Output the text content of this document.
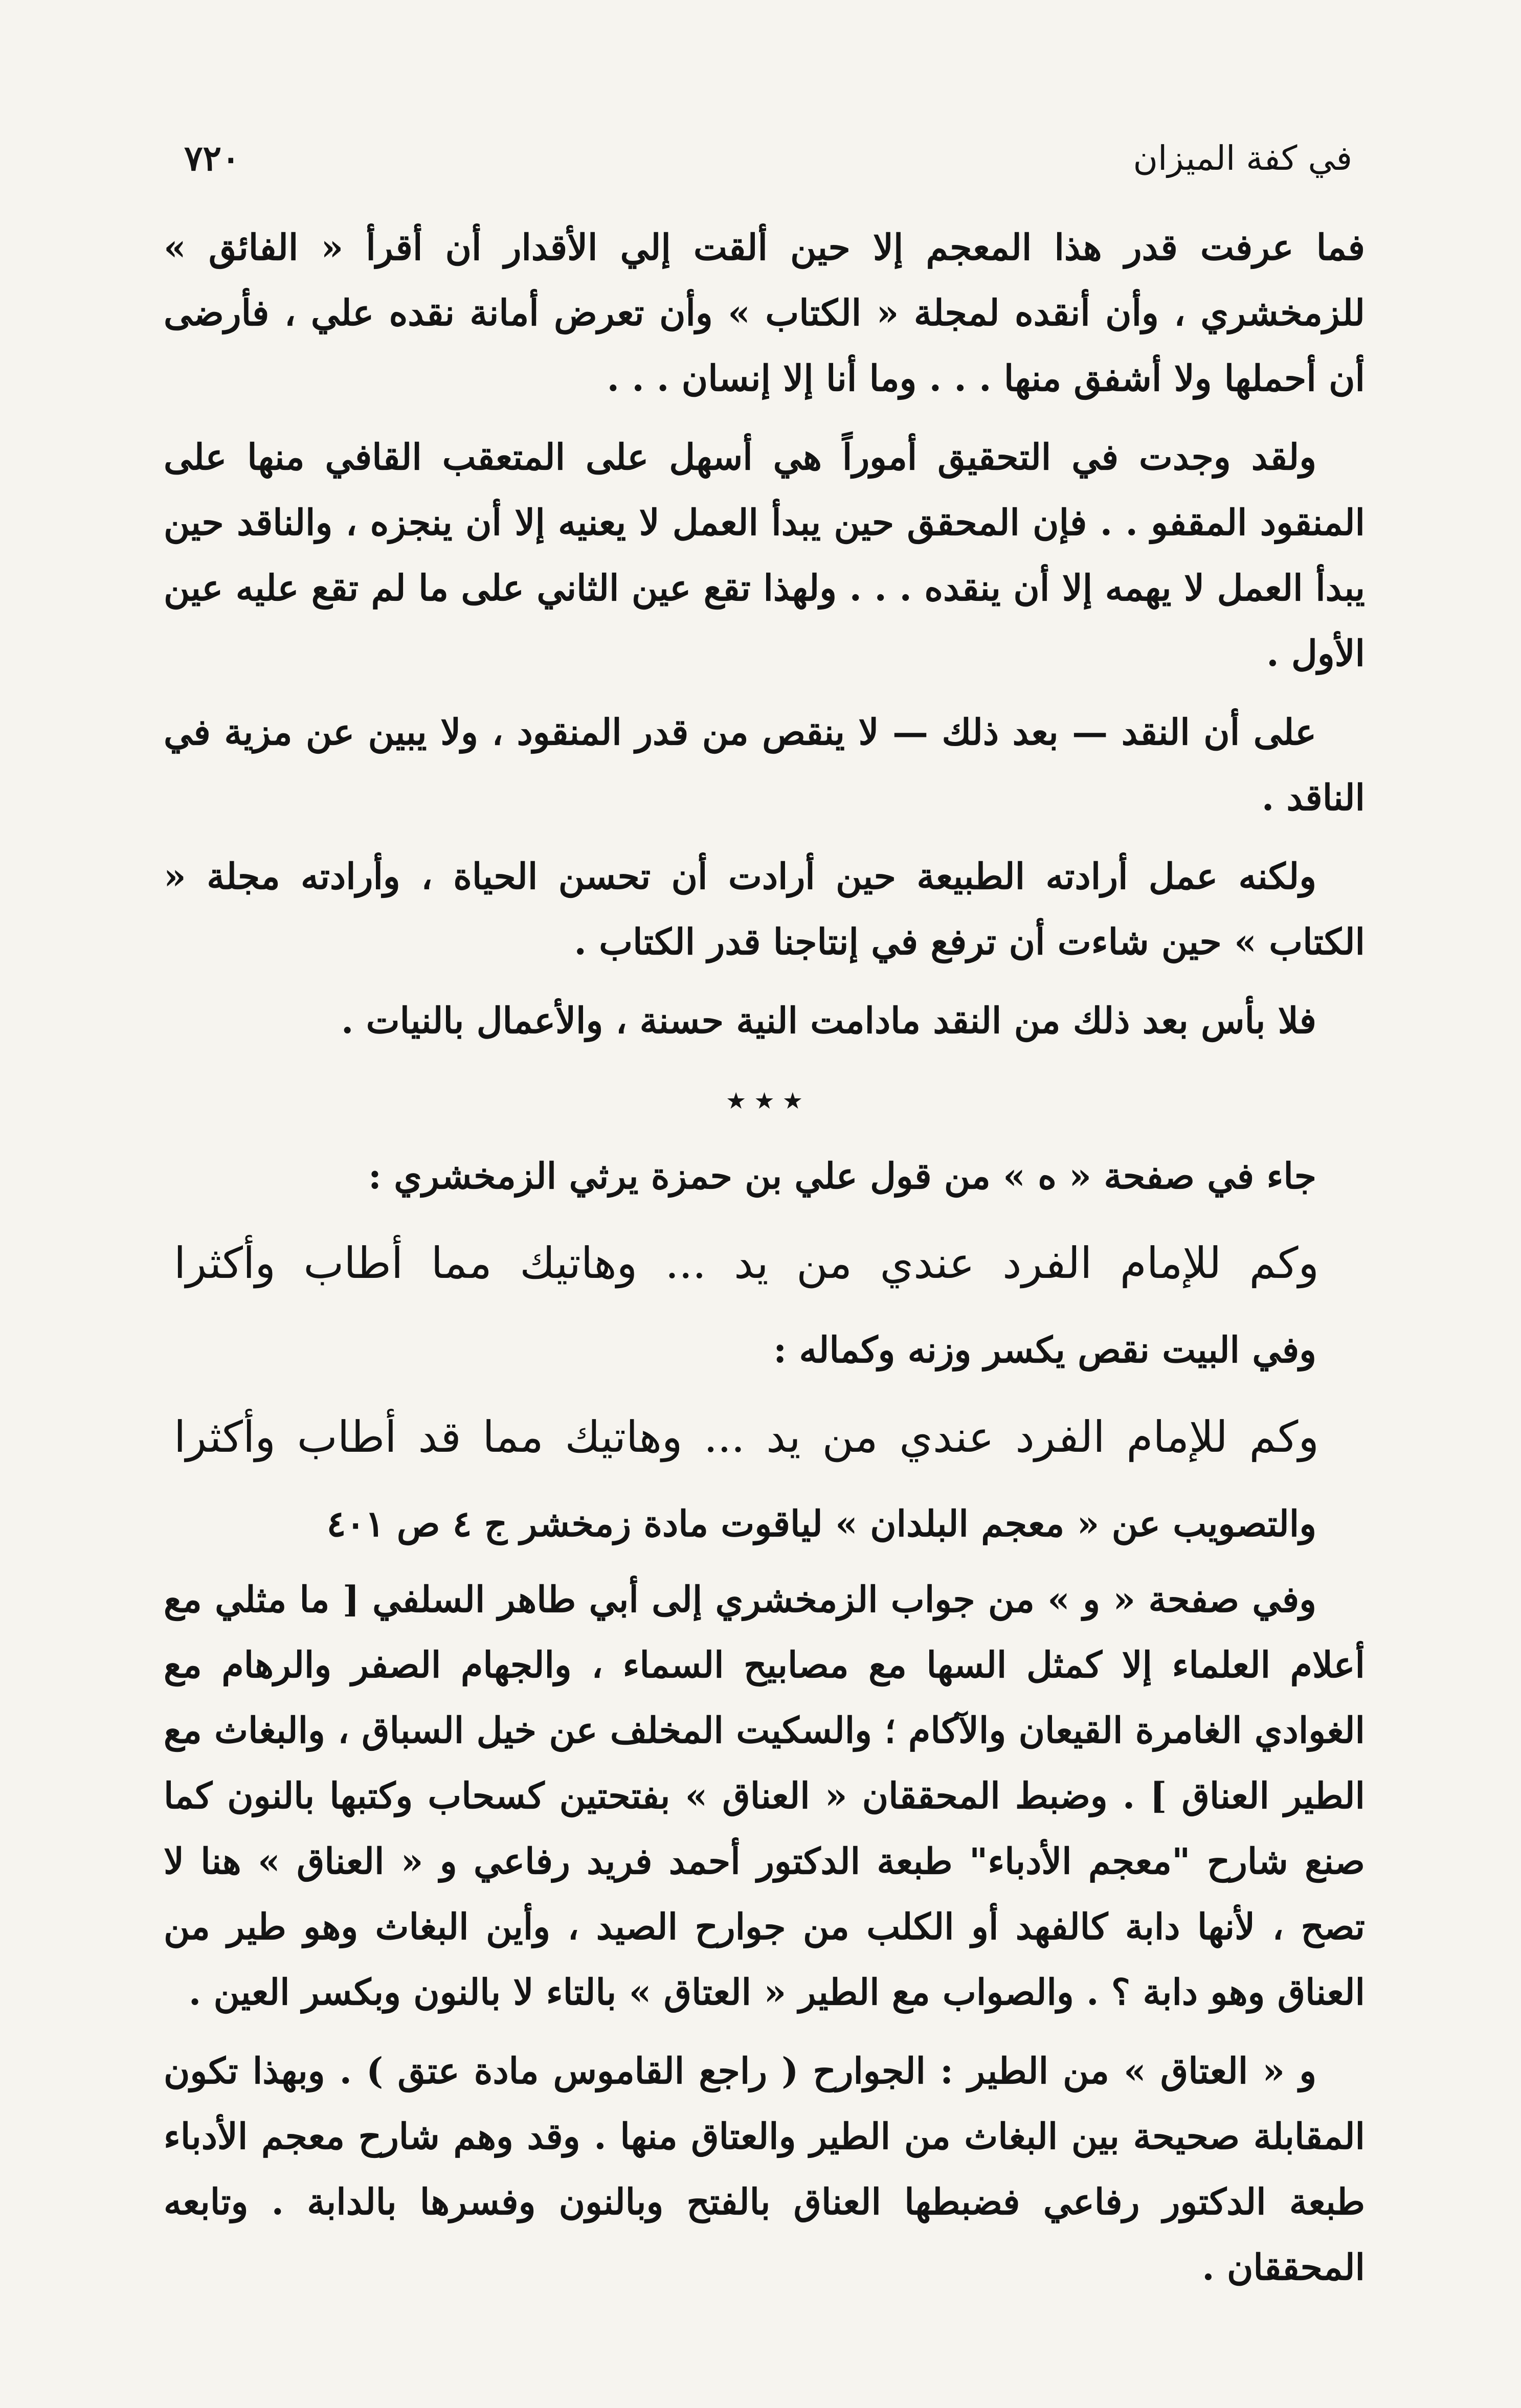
في كفة الميزان
٧٢٠

فما عرفت قدر هذا المعجم إلا حين ألقت إلي الأقدار أن أقرأ « الفائق » للزمخشري ، وأن أنقده لمجلة « الكتاب » وأن تعرض أمانة نقده علي ، فأرضى أن أحملها ولا أشفق منها . . . وما أنا إلا إنسان . . .

ولقد وجدت في التحقيق أموراً هي أسهل على المتعقب القافي منها على المنقود المقفو . . فإن المحقق حين يبدأ العمل لا يعنيه إلا أن ينجزه ، والناقد حين يبدأ العمل لا يهمه إلا أن ينقده . . . ولهذا تقع عين الثاني على ما لم تقع عليه عين الأول .

على أن النقد — بعد ذلك — لا ينقص من قدر المنقود ، ولا يبين عن مزية في الناقد .

ولكنه عمل أرادته الطبيعة حين أرادت أن تحسن الحياة ، وأرادته مجلة « الكتاب » حين شاءت أن ترفع في إنتاجنا قدر الكتاب .

فلا بأس بعد ذلك من النقد مادامت النية حسنة ، والأعمال بالنيات .

٭ ٭ ٭

جاء في صفحة « ه » من قول علي بن حمزة يرثي الزمخشري :

وكم للإمام الفرد عندي من يد ... وهاتيك مما أطاب وأكثرا

وفي البيت نقص يكسر وزنه وكماله :

وكم للإمام الفرد عندي من يد ... وهاتيك مما قد أطاب وأكثرا

والتصويب عن « معجم البلدان » لياقوت مادة زمخشر ج ٤ ص ٤٠١

وفي صفحة « و » من جواب الزمخشري إلى أبي طاهر السلفي [ ما مثلي مع أعلام العلماء إلا كمثل السها مع مصابيح السماء ، والجهام الصفر والرهام مع الغوادي الغامرة القيعان والآكام ؛ والسكيت المخلف عن خيل السباق ، والبغاث مع الطير العناق ] . وضبط المحققان « العناق » بفتحتين كسحاب وكتبها بالنون كما صنع شارح "معجم الأدباء" طبعة الدكتور أحمد فريد رفاعي و « العناق » هنا لا تصح ، لأنها دابة كالفهد أو الكلب من جوارح الصيد ، وأين البغاث وهو طير من العناق وهو دابة ؟ . والصواب مع الطير « العتاق » بالتاء لا بالنون وبكسر العين .

و « العتاق » من الطير : الجوارح ( راجع القاموس مادة عتق ) . وبهذا تكون المقابلة صحيحة بين البغاث من الطير والعتاق منها . وقد وهم شارح معجم الأدباء طبعة الدكتور رفاعي فضبطها العناق بالفتح وبالنون وفسرها بالدابة . وتابعه المحققان .
